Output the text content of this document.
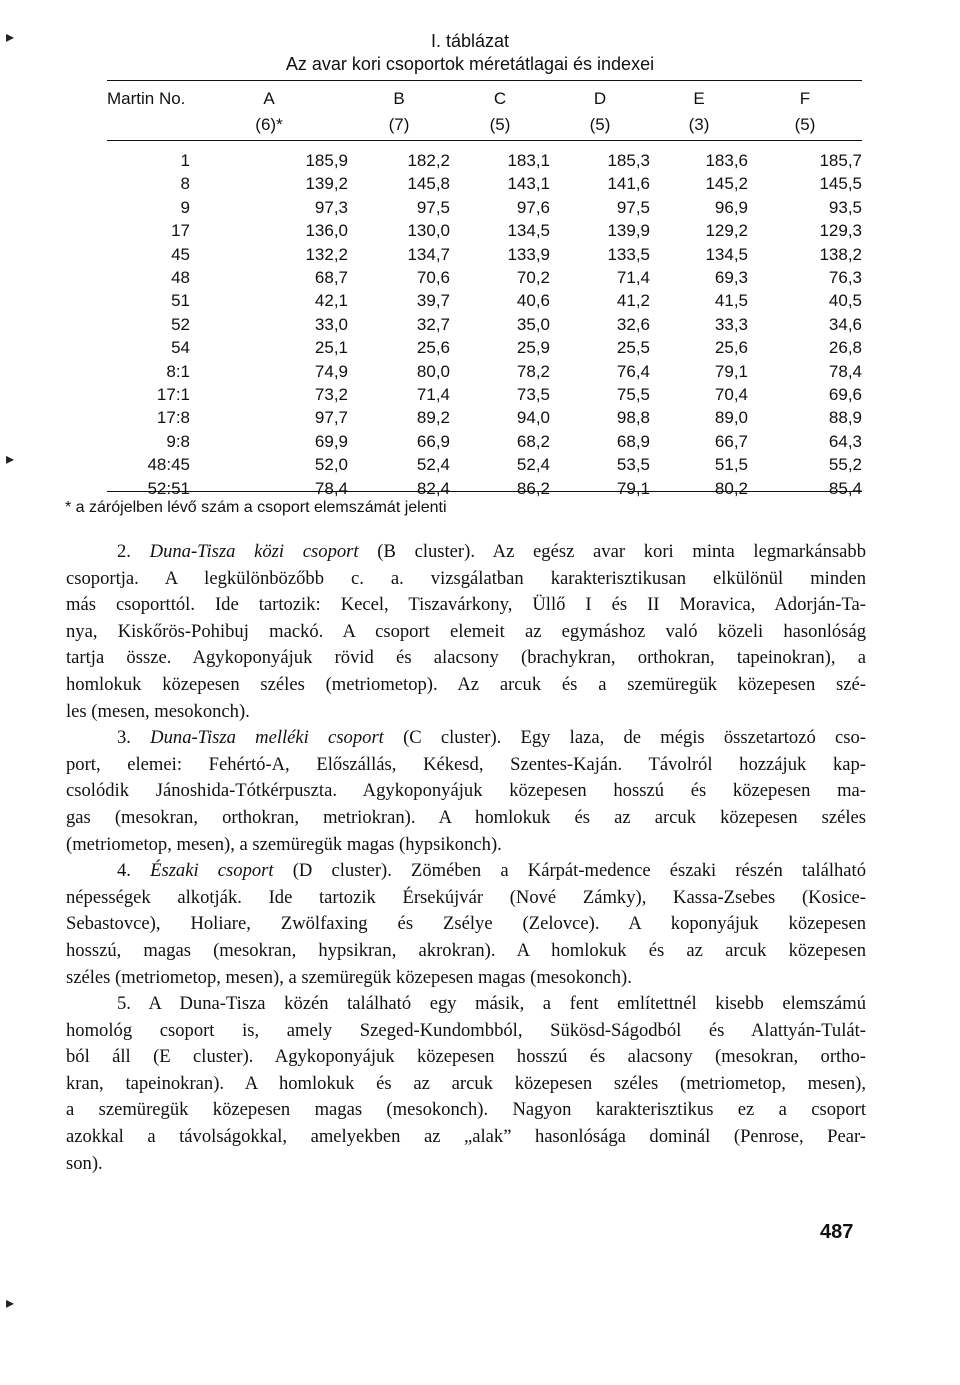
▸
▸
▸
I. táblázat
Az avar kori csoportok méretátlagai és indexei
Martin No.	A	B	C	D	E	F
	(6)*	(7)	(5)	(5)	(3)	(5)

1	185,9	182,2	183,1	185,3	183,6	185,7
8	139,2	145,8	143,1	141,6	145,2	145,5
9	97,3	97,5	97,6	97,5	96,9	93,5
17	136,0	130,0	134,5	139,9	129,2	129,3
45	132,2	134,7	133,9	133,5	134,5	138,2
48	68,7	70,6	70,2	71,4	69,3	76,3
51	42,1	39,7	40,6	41,2	41,5	40,5
52	33,0	32,7	35,0	32,6	33,3	34,6
54	25,1	25,6	25,9	25,5	25,6	26,8
8:1	74,9	80,0	78,2	76,4	79,1	78,4
17:1	73,2	71,4	73,5	75,5	70,4	69,6
17:8	97,7	89,2	94,0	98,8	89,0	88,9
9:8	69,9	66,9	68,2	68,9	66,7	64,3
48:45	52,0	52,4	52,4	53,5	51,5	55,2
52:51	78,4	82,4	86,2	79,1	80,2	85,4
* a zárójelben lévő szám a csoport elemszámát jelenti

2. Duna-Tisza közi csoport (B cluster). Az egész avar kori minta legmarkánsabb
csoportja. A legkülönbözőbb c. a. vizsgálatban karakterisztikusan elkülönül minden
más csoporttól. Ide tartozik: Kecel, Tiszavárkony, Üllő I és II Moravica, Adorján-Ta-
nya, Kiskőrös-Pohibuj mackó. A csoport elemeit az egymáshoz való közeli hasonlóság
tartja össze. Agykoponyájuk rövid és alacsony (brachykran, orthokran, tapeinokran), a
homlokuk közepesen széles (metriometop). Az arcuk és a szemüregük közepesen szé-
les (mesen, mesokonch).

3. Duna-Tisza melléki csoport (C cluster). Egy laza, de mégis összetartozó cso-
port, elemei: Fehértó-A, Előszállás, Kékesd, Szentes-Kaján. Távolról hozzájuk kap-
csolódik Jánoshida-Tótkérpuszta. Agykoponyájuk közepesen hosszú és közepesen ma-
gas (mesokran, orthokran, metriokran). A homlokuk és az arcuk közepesen széles
(metriometop, mesen), a szemüregük magas (hypsikonch).

4. Északi csoport (D cluster). Zömében a Kárpát-medence északi részén található
népességek alkotják. Ide tartozik Érsekújvár (Nové Zámky), Kassa-Zsebes (Kosice-
Sebastovce), Holiare, Zwölfaxing és Zsélye (Zelovce). A koponyájuk közepesen
hosszú, magas (mesokran, hypsikran, akrokran). A homlokuk és az arcuk közepesen
széles (metriometop, mesen), a szemüregük közepesen magas (mesokonch).

5. A Duna-Tisza közén található egy másik, a fent említettnél kisebb elemszámú
homológ csoport is, amely Szeged-Kundombból, Sükösd-Ságodból és Alattyán-Tulát-
ból áll (E cluster). Agykoponyájuk közepesen hosszú és alacsony (mesokran, ortho-
kran, tapeinokran). A homlokuk és az arcuk közepesen széles (metriometop, mesen),
a szemüregük közepesen magas (mesokonch). Nagyon karakterisztikus ez a csoport
azokkal a távolságokkal, amelyekben az „alak” hasonlósága dominál (Penrose, Pear-
son).

487
